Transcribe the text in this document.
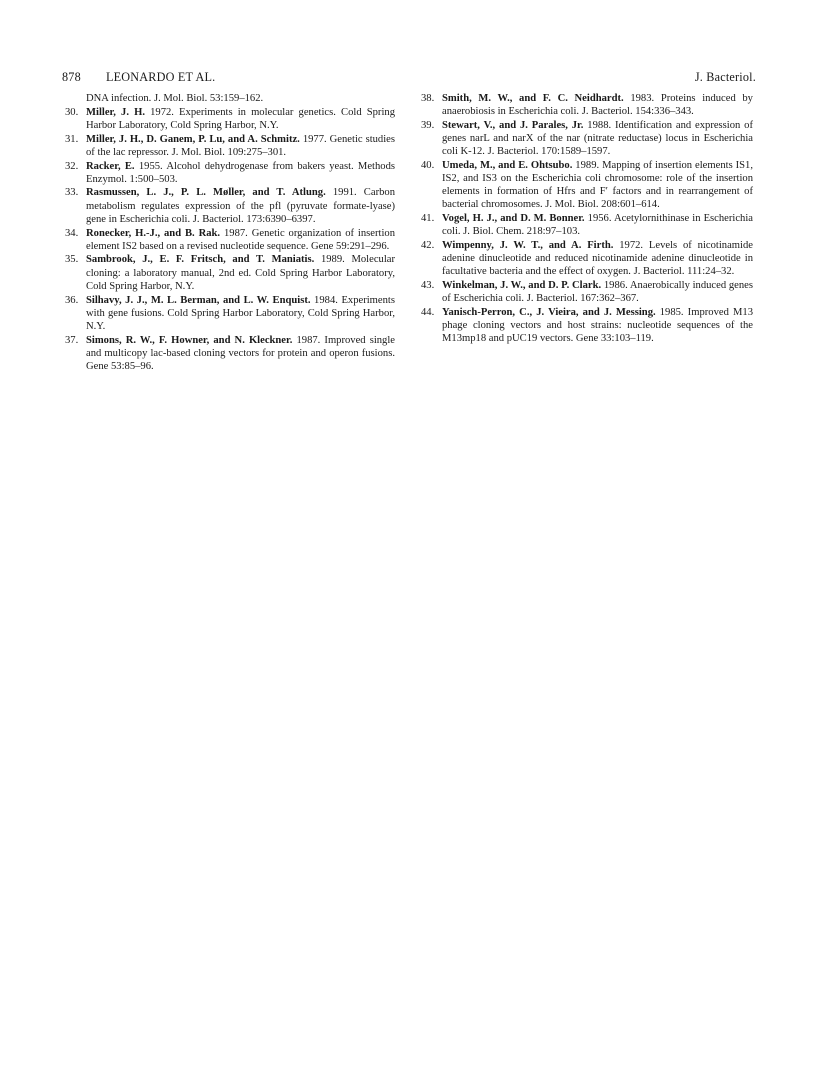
878 LEONARDO ET AL.	J. Bacteriol.
DNA infection. J. Mol. Biol. 53:159–162.
30. Miller, J. H. 1972. Experiments in molecular genetics. Cold Spring Harbor Laboratory, Cold Spring Harbor, N.Y.
31. Miller, J. H., D. Ganem, P. Lu, and A. Schmitz. 1977. Genetic studies of the lac repressor. J. Mol. Biol. 109:275–301.
32. Racker, E. 1955. Alcohol dehydrogenase from bakers yeast. Methods Enzymol. 1:500–503.
33. Rasmussen, L. J., P. L. Møller, and T. Atlung. 1991. Carbon metabolism regulates expression of the pfl (pyruvate formate-lyase) gene in Escherichia coli. J. Bacteriol. 173:6390–6397.
34. Ronecker, H.-J., and B. Rak. 1987. Genetic organization of insertion element IS2 based on a revised nucleotide sequence. Gene 59:291–296.
35. Sambrook, J., E. F. Fritsch, and T. Maniatis. 1989. Molecular cloning: a laboratory manual, 2nd ed. Cold Spring Harbor Laboratory, Cold Spring Harbor, N.Y.
36. Silhavy, J. J., M. L. Berman, and L. W. Enquist. 1984. Experiments with gene fusions. Cold Spring Harbor Laboratory, Cold Spring Harbor, N.Y.
37. Simons, R. W., F. Howner, and N. Kleckner. 1987. Improved single and multicopy lac-based cloning vectors for protein and operon fusions. Gene 53:85–96.
38. Smith, M. W., and F. C. Neidhardt. 1983. Proteins induced by anaerobiosis in Escherichia coli. J. Bacteriol. 154:336–343.
39. Stewart, V., and J. Parales, Jr. 1988. Identification and expression of genes narL and narX of the nar (nitrate reductase) locus in Escherichia coli K-12. J. Bacteriol. 170:1589–1597.
40. Umeda, M., and E. Ohtsubo. 1989. Mapping of insertion elements IS1, IS2, and IS3 on the Escherichia coli chromosome: role of the insertion elements in formation of Hfrs and F′ factors and in rearrangement of bacterial chromosomes. J. Mol. Biol. 208:601–614.
41. Vogel, H. J., and D. M. Bonner. 1956. Acetylornithinase in Escherichia coli. J. Biol. Chem. 218:97–103.
42. Wimpenny, J. W. T., and A. Firth. 1972. Levels of nicotinamide adenine dinucleotide and reduced nicotinamide adenine dinucleotide in facultative bacteria and the effect of oxygen. J. Bacteriol. 111:24–32.
43. Winkelman, J. W., and D. P. Clark. 1986. Anaerobically induced genes of Escherichia coli. J. Bacteriol. 167:362–367.
44. Yanisch-Perron, C., J. Vieira, and J. Messing. 1985. Improved M13 phage cloning vectors and host strains: nucleotide sequences of the M13mp18 and pUC19 vectors. Gene 33:103–119.
